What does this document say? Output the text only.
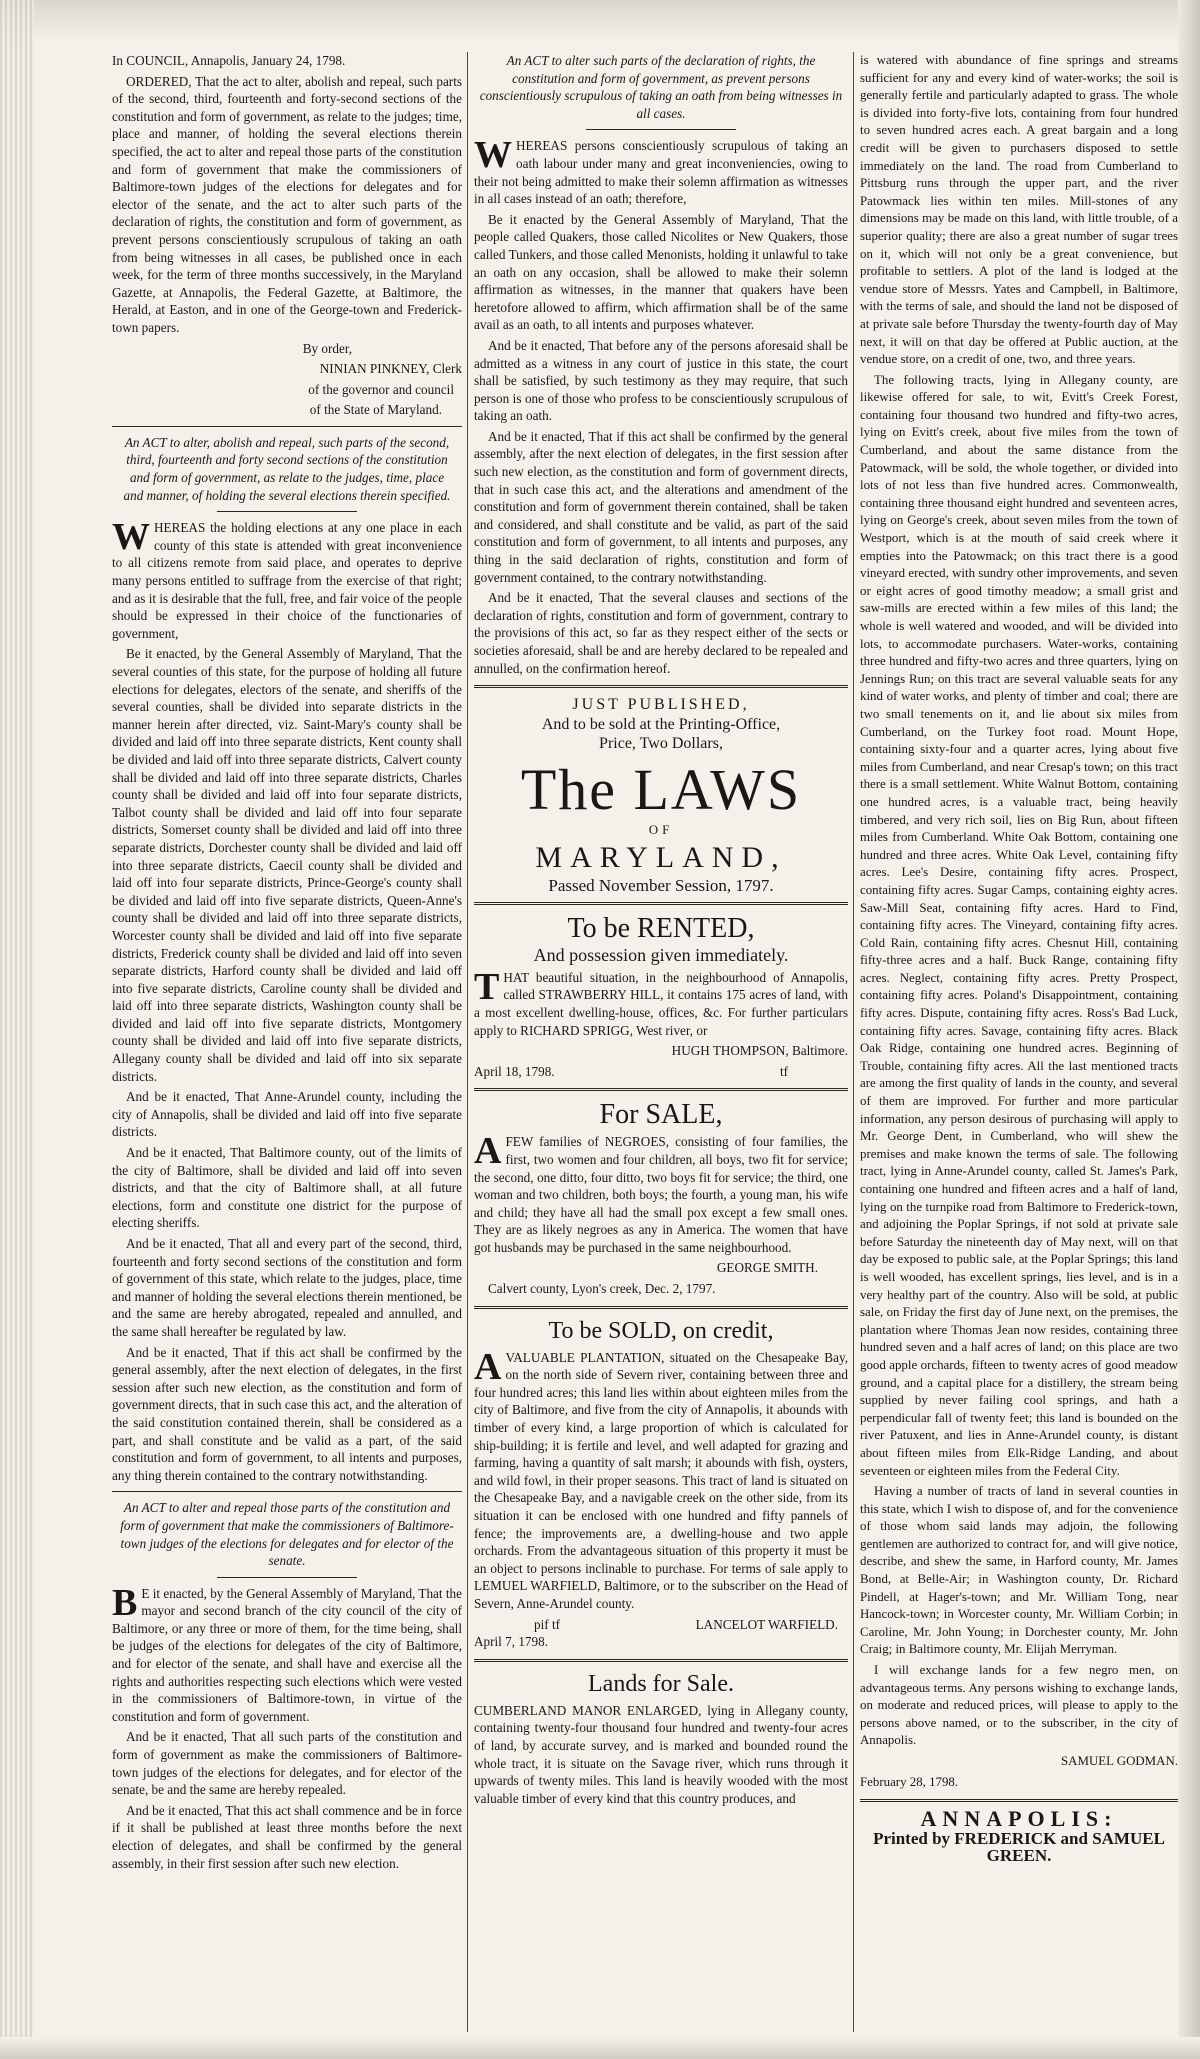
In COUNCIL, Annapolis, January 24, 1798.

ORDERED, That the act to alter, abolish and repeal, such parts of the second, third, fourteenth and forty-second sections of the constitution and form of government, as relate to the judges; time, place and manner, of holding the several elections therein specified, the act to alter and repeal those parts of the constitution and form of government that make the commissioners of Baltimore-town judges of the elections for delegates and for elector of the senate, and the act to alter such parts of the declaration of rights, the constitution and form of government, as prevent persons conscientiously scrupulous of taking an oath from being witnesses in all cases, be published once in each week, for the term of three months successively, in the Maryland Gazette, at Annapolis, the Federal Gazette, at Baltimore, the Herald, at Easton, and in one of the George-town and Frederick-town papers.

By order,

NINIAN PINKNEY, Clerk

of the governor and council

of the State of Maryland.

An ACT to alter, abolish and repeal, such parts of the second, third, fourteenth and forty second sections of the constitution and form of government, as relate to the judges, time, place and manner, of holding the several elections therein specified.

WHEREAS the holding elections at any one place in each county of this state is attended with great inconvenience to all citizens remote from said place, and operates to deprive many persons entitled to suffrage from the exercise of that right; and as it is desirable that the full, free, and fair voice of the people should be expressed in their choice of the functionaries of government,

Be it enacted, by the General Assembly of Maryland, That the several counties of this state, for the purpose of holding all future elections for delegates, electors of the senate, and sheriffs of the several counties, shall be divided into separate districts in the manner herein after directed, viz. Saint-Mary's county shall be divided and laid off into three separate districts, Kent county shall be divided and laid off into three separate districts, Calvert county shall be divided and laid off into three separate districts, Charles county shall be divided and laid off into four separate districts, Talbot county shall be divided and laid off into four separate districts, Somerset county shall be divided and laid off into three separate districts, Dorchester county shall be divided and laid off into three separate districts, Caecil county shall be divided and laid off into four separate districts, Prince-George's county shall be divided and laid off into five separate districts, Queen-Anne's county shall be divided and laid off into three separate districts, Worcester county shall be divided and laid off into five separate districts, Frederick county shall be divided and laid off into seven separate districts, Harford county shall be divided and laid off into five separate districts, Caroline county shall be divided and laid off into three separate districts, Washington county shall be divided and laid off into five separate districts, Montgomery county shall be divided and laid off into five separate districts, Allegany county shall be divided and laid off into six separate districts.

And be it enacted, That Anne-Arundel county, including the city of Annapolis, shall be divided and laid off into five separate districts.

And be it enacted, That Baltimore county, out of the limits of the city of Baltimore, shall be divided and laid off into seven districts, and that the city of Baltimore shall, at all future elections, form and constitute one district for the purpose of electing sheriffs.

And be it enacted, That all and every part of the second, third, fourteenth and forty second sections of the constitution and form of government of this state, which relate to the judges, place, time and manner of holding the several elections therein mentioned, be and the same are hereby abrogated, repealed and annulled, and the same shall hereafter be regulated by law.

And be it enacted, That if this act shall be confirmed by the general assembly, after the next election of delegates, in the first session after such new election, as the constitution and form of government directs, that in such case this act, and the alteration of the said constitution contained therein, shall be considered as a part, and shall constitute and be valid as a part, of the said constitution and form of government, to all intents and purposes, any thing therein contained to the contrary notwithstanding.

An ACT to alter and repeal those parts of the constitution and form of government that make the commissioners of Baltimore-town judges of the elections for delegates and for elector of the senate.

B E it enacted, by the General Assembly of Maryland, That the mayor and second branch of the city council of the city of Baltimore, or any three or more of them, for the time being, shall be judges of the elections for delegates of the city of Baltimore, and for elector of the senate, and shall have and exercise all the rights and authorities respecting such elections which were vested in the commissioners of Baltimore-town, in virtue of the constitution and form of government.

And be it enacted, That all such parts of the constitution and form of government as make the commissioners of Baltimore-town judges of the elections for delegates, and for elector of the senate, be and the same are hereby repealed.

And be it enacted, That this act shall commence and be in force if it shall be published at least three months before the next election of delegates, and shall be confirmed by the general assembly, in their first session after such new election.

An ACT to alter such parts of the declaration of rights, the constitution and form of government, as prevent persons conscientiously scrupulous of taking an oath from being witnesses in all cases.

WHEREAS persons conscientiously scrupulous of taking an oath labour under many and great inconveniencies, owing to their not being admitted to make their solemn affirmation as witnesses in all cases instead of an oath; therefore,

Be it enacted by the General Assembly of Maryland, That the people called Quakers, those called Nicolites or New Quakers, those called Tunkers, and those called Menonists, holding it unlawful to take an oath on any occasion, shall be allowed to make their solemn affirmation as witnesses, in the manner that quakers have been heretofore allowed to affirm, which affirmation shall be of the same avail as an oath, to all intents and purposes whatever.

And be it enacted, That before any of the persons aforesaid shall be admitted as a witness in any court of justice in this state, the court shall be satisfied, by such testimony as they may require, that such person is one of those who profess to be conscientiously scrupulous of taking an oath.

And be it enacted, That if this act shall be confirmed by the general assembly, after the next election of delegates, in the first session after such new election, as the constitution and form of government directs, that in such case this act, and the alterations and amendment of the constitution and form of government therein contained, shall be taken and considered, and shall constitute and be valid, as part of the said constitution and form of government, to all intents and purposes, any thing in the said declaration of rights, constitution and form of government contained, to the contrary notwithstanding.

And be it enacted, That the several clauses and sections of the declaration of rights, constitution and form of government, contrary to the provisions of this act, so far as they respect either of the sects or societies aforesaid, shall be and are hereby declared to be repealed and annulled, on the confirmation hereof.

JUST PUBLISHED,

And to be sold at the Printing-Office,

Price, Two Dollars,

The LAWS

OF

MARYLAND,

Passed November Session, 1797.

To be RENTED,

And possession given immediately.

THAT beautiful situation, in the neighbourhood of Annapolis, called STRAWBERRY HILL, it contains 175 acres of land, with a most excellent dwelling-house, offices, &c. For further particulars apply to RICHARD SPRIGG, West river, or

HUGH THOMPSON, Baltimore.

April 18, 1798.	tf

For SALE,

AFEW families of NEGROES, consisting of four families, the first, two women and four children, all boys, two fit for service; the second, one ditto, four ditto, two boys fit for service; the third, one woman and two children, both boys; the fourth, a young man, his wife and child; they have all had the small pox except a few small ones. They are as likely negroes as any in America. The women that have got husbands may be purchased in the same neighbourhood.

GEORGE SMITH.

Calvert county, Lyon's creek, Dec. 2, 1797.

To be SOLD, on credit,

AVALUABLE PLANTATION, situated on the Chesapeake Bay, on the north side of Severn river, containing between three and four hundred acres; this land lies within about eighteen miles from the city of Baltimore, and five from the city of Annapolis, it abounds with timber of every kind, a large proportion of which is calculated for ship-building; it is fertile and level, and well adapted for grazing and farming, having a quantity of salt marsh; it abounds with fish, oysters, and wild fowl, in their proper seasons. This tract of land is situated on the Chesapeake Bay, and a navigable creek on the other side, from its situation it can be enclosed with one hundred and fifty pannels of fence; the improvements are, a dwelling-house and two apple orchards. From the advantageous situation of this property it must be an object to persons inclinable to purchase. For terms of sale apply to LEMUEL WARFIELD, Baltimore, or to the subscriber on the Head of Severn, Anne-Arundel county.

pif tf	LANCELOT WARFIELD.

April 7, 1798.

Lands for Sale.

CUMBERLAND MANOR ENLARGED, lying in Allegany county, containing twenty-four thousand four hundred and twenty-four acres of land, by accurate survey, and is marked and bounded round the whole tract, it is situate on the Savage river, which runs through it upwards of twenty miles. This land is heavily wooded with the most valuable timber of every kind that this country produces, and

is watered with abundance of fine springs and streams sufficient for any and every kind of water-works; the soil is generally fertile and particularly adapted to grass. The whole is divided into forty-five lots, containing from four hundred to seven hundred acres each. A great bargain and a long credit will be given to purchasers disposed to settle immediately on the land. The road from Cumberland to Pittsburg runs through the upper part, and the river Patowmack lies within ten miles. Mill-stones of any dimensions may be made on this land, with little trouble, of a superior quality; there are also a great number of sugar trees on it, which will not only be a great convenience, but profitable to settlers. A plot of the land is lodged at the vendue store of Messrs. Yates and Campbell, in Baltimore, with the terms of sale, and should the land not be disposed of at private sale before Thursday the twenty-fourth day of May next, it will on that day be offered at Public auction, at the vendue store, on a credit of one, two, and three years.

The following tracts, lying in Allegany county, are likewise offered for sale, to wit, Evitt's Creek Forest, containing four thousand two hundred and fifty-two acres, lying on Evitt's creek, about five miles from the town of Cumberland, and about the same distance from the Patowmack, will be sold, the whole together, or divided into lots of not less than five hundred acres. Commonwealth, containing three thousand eight hundred and seventeen acres, lying on George's creek, about seven miles from the town of Westport, which is at the mouth of said creek where it empties into the Patowmack; on this tract there is a good vineyard erected, with sundry other improvements, and seven or eight acres of good timothy meadow; a small grist and saw-mills are erected within a few miles of this land; the whole is well watered and wooded, and will be divided into lots, to accommodate purchasers. Water-works, containing three hundred and fifty-two acres and three quarters, lying on Jennings Run; on this tract are several valuable seats for any kind of water works, and plenty of timber and coal; there are two small tenements on it, and lie about six miles from Cumberland, on the Turkey foot road. Mount Hope, containing sixty-four and a quarter acres, lying about five miles from Cumberland, and near Cresap's town; on this tract there is a small settlement. White Walnut Bottom, containing one hundred acres, is a valuable tract, being heavily timbered, and very rich soil, lies on Big Run, about fifteen miles from Cumberland. White Oak Bottom, containing one hundred and three acres. White Oak Level, containing fifty acres. Lee's Desire, containing fifty acres. Prospect, containing fifty acres. Sugar Camps, containing eighty acres. Saw-Mill Seat, containing fifty acres. Hard to Find, containing fifty acres. The Vineyard, containing fifty acres. Cold Rain, containing fifty acres. Chesnut Hill, containing fifty-three acres and a half. Buck Range, containing fifty acres. Neglect, containing fifty acres. Pretty Prospect, containing fifty acres. Poland's Disappointment, containing fifty acres. Dispute, containing fifty acres. Ross's Bad Luck, containing fifty acres. Savage, containing fifty acres. Black Oak Ridge, containing one hundred acres. Beginning of Trouble, containing fifty acres. All the last mentioned tracts are among the first quality of lands in the county, and several of them are improved. For further and more particular information, any person desirous of purchasing will apply to Mr. George Dent, in Cumberland, who will shew the premises and make known the terms of sale. The following tract, lying in Anne-Arundel county, called St. James's Park, containing one hundred and fifteen acres and a half of land, lying on the turnpike road from Baltimore to Frederick-town, and adjoining the Poplar Springs, if not sold at private sale before Saturday the nineteenth day of May next, will on that day be exposed to public sale, at the Poplar Springs; this land is well wooded, has excellent springs, lies level, and is in a very healthy part of the country. Also will be sold, at public sale, on Friday the first day of June next, on the premises, the plantation where Thomas Jean now resides, containing three hundred seven and a half acres of land; on this place are two good apple orchards, fifteen to twenty acres of good meadow ground, and a capital place for a distillery, the stream being supplied by never failing cool springs, and hath a perpendicular fall of twenty feet; this land is bounded on the river Patuxent, and lies in Anne-Arundel county, is distant about fifteen miles from Elk-Ridge Landing, and about seventeen or eighteen miles from the Federal City.

Having a number of tracts of land in several counties in this state, which I wish to dispose of, and for the convenience of those whom said lands may adjoin, the following gentlemen are authorized to contract for, and will give notice, describe, and shew the same, in Harford county, Mr. James Bond, at Belle-Air; in Washington county, Dr. Richard Pindell, at Hager's-town; and Mr. William Tong, near Hancock-town; in Worcester county, Mr. William Corbin; in Caroline, Mr. John Young; in Dorchester county, Mr. John Craig; in Baltimore county, Mr. Elijah Merryman.

I will exchange lands for a few negro men, on advantageous terms. Any persons wishing to exchange lands, on moderate and reduced prices, will please to apply to the persons above named, or to the subscriber, in the city of Annapolis.

SAMUEL GODMAN.

February 28, 1798.

ANNAPOLIS:

Printed by FREDERICK and SAMUEL GREEN.
